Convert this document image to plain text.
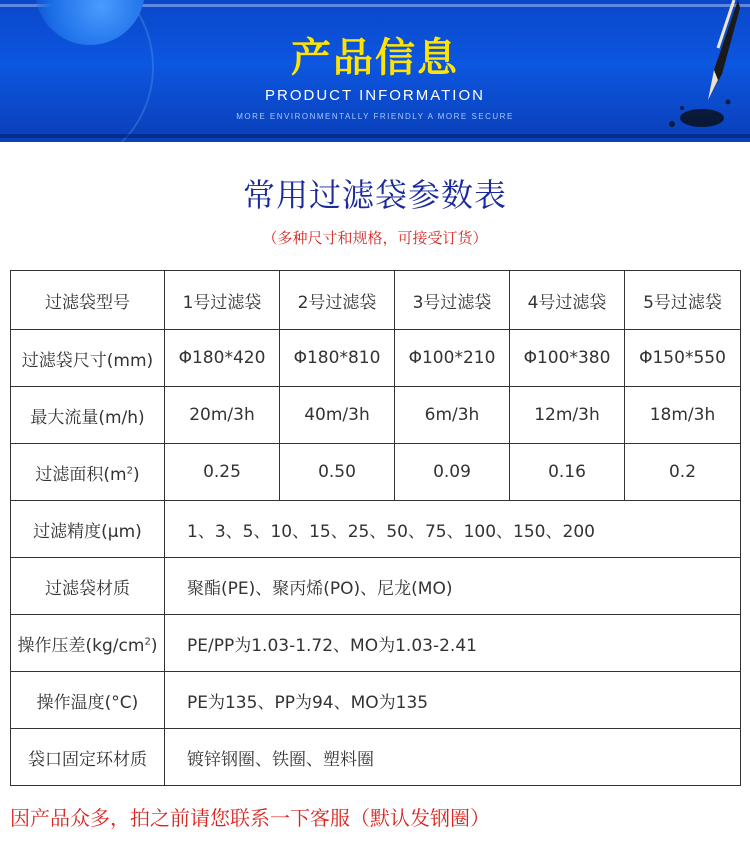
产品信息
PRODUCT INFORMATION
MORE ENVIRONMENTALLY FRIENDLY A MORE SECURE
常用过滤袋参数表
（多种尺寸和规格，可接受订货）
过滤袋型号	1号过滤袋	2号过滤袋	3号过滤袋	4号过滤袋	5号过滤袋
过滤袋尺寸(mm)	Φ180*420	Φ180*810	Φ100*210	Φ100*380	Φ150*550
最大流量(m/h)	20m/3h	40m/3h	6m/3h	12m/3h	18m/3h
过滤面积$(m^2)$	0.25	0.50	0.09	0.16	0.2
过滤精度(μm)	1、3、5、10、15、25、50、75、100、150、200				
过滤袋材质	聚酯(PE)、聚丙烯(PO)、尼龙(MO)				
操作压差$(kg/cm^2)$	PE/PP为1.03-1.72、MO为1.03-2.41				
操作温度(°C)	PE为135、PP为94、MO为135				
袋口固定环材质	镀锌钢圈、铁圈、塑料圈				
因产品众多，拍之前请您联系一下客服（默认发钢圈）
